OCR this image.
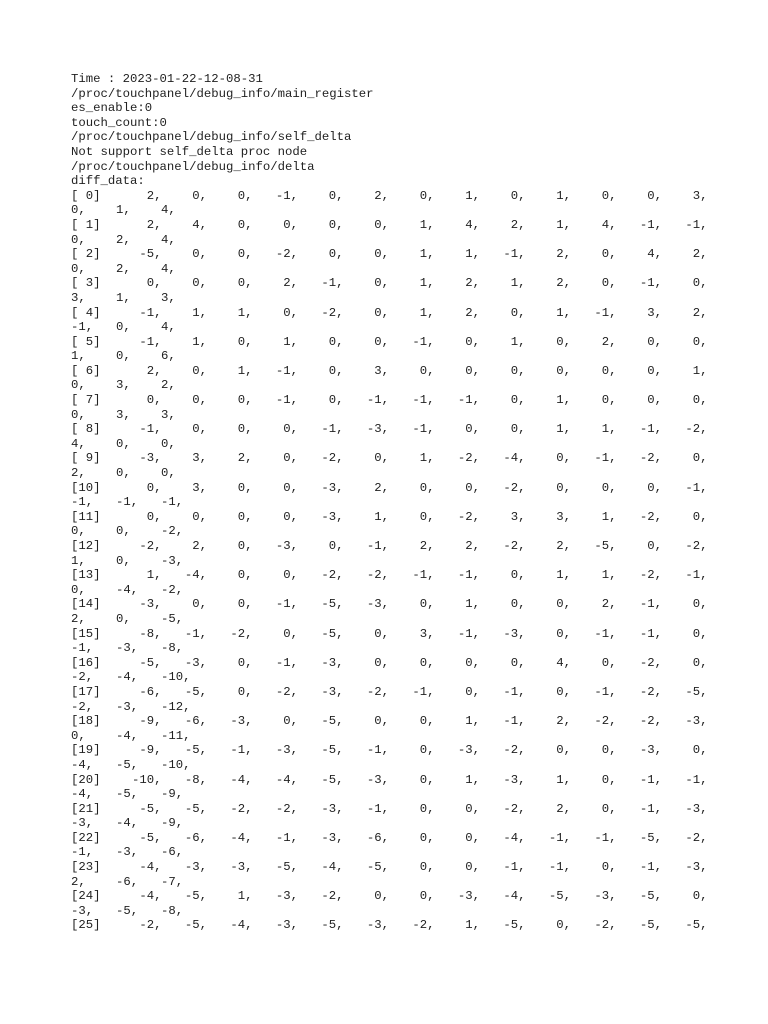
Time : 2023-01-22-12-08-31
/proc/touchpanel/debug_info/main_register
es_enable:0
touch_count:0
/proc/touchpanel/debug_info/self_delta
Not support self_delta proc node
/proc/touchpanel/debug_info/delta
diff_data:
[ 0]	2,	0,	0,	-1,	0,	2,	0,	1,	0,	1,	0,	0,	3,
0,	1,	4,
[ 1]	2,	4,	0,	0,	0,	0,	1,	4,	2,	1,	4,	-1,	-1,
0,	2,	4,
[ 2]	-5,	0,	0,	-2,	0,	0,	1,	1,	-1,	2,	0,	4,	2,
0,	2,	4,
[ 3]	0,	0,	0,	2,	-1,	0,	1,	2,	1,	2,	0,	-1,	0,
3,	1,	3,
[ 4]	-1,	1,	1,	0,	-2,	0,	1,	2,	0,	1,	-1,	3,	2,
-1,	0,	4,
[ 5]	-1,	1,	0,	1,	0,	0,	-1,	0,	1,	0,	2,	0,	0,
1,	0,	6,
[ 6]	2,	0,	1,	-1,	0,	3,	0,	0,	0,	0,	0,	0,	1,
0,	3,	2,
[ 7]	0,	0,	0,	-1,	0,	-1,	-1,	-1,	0,	1,	0,	0,	0,
0,	3,	3,
[ 8]	-1,	0,	0,	0,	-1,	-3,	-1,	0,	0,	1,	1,	-1,	-2,
4,	0,	0,
[ 9]	-3,	3,	2,	0,	-2,	0,	1,	-2,	-4,	0,	-1,	-2,	0,
2,	0,	0,
[10]	0,	3,	0,	0,	-3,	2,	0,	0,	-2,	0,	0,	0,	-1,
-1,	-1,	-1,
[11]	0,	0,	0,	0,	-3,	1,	0,	-2,	3,	3,	1,	-2,	0,
0,	0,	-2,
[12]	-2,	2,	0,	-3,	0,	-1,	2,	2,	-2,	2,	-5,	0,	-2,
1,	0,	-3,
[13]	1,	-4,	0,	0,	-2,	-2,	-1,	-1,	0,	1,	1,	-2,	-1,
0,	-4,	-2,
[14]	-3,	0,	0,	-1,	-5,	-3,	0,	1,	0,	0,	2,	-1,	0,
2,	0,	-5,
[15]	-8,	-1,	-2,	0,	-5,	0,	3,	-1,	-3,	0,	-1,	-1,	0,
-1,	-3,	-8,
[16]	-5,	-3,	0,	-1,	-3,	0,	0,	0,	0,	4,	0,	-2,	0,
-2,	-4,	-10,
[17]	-6,	-5,	0,	-2,	-3,	-2,	-1,	0,	-1,	0,	-1,	-2,	-5,
-2,	-3,	-12,
[18]	-9,	-6,	-3,	0,	-5,	0,	0,	1,	-1,	2,	-2,	-2,	-3,
0,	-4,	-11,
[19]	-9,	-5,	-1,	-3,	-5,	-1,	0,	-3,	-2,	0,	0,	-3,	0,
-4,	-5,	-10,
[20]	-10,	-8,	-4,	-4,	-5,	-3,	0,	1,	-3,	1,	0,	-1,	-1,
-4,	-5,	-9,
[21]	-5,	-5,	-2,	-2,	-3,	-1,	0,	0,	-2,	2,	0,	-1,	-3,
-3,	-4,	-9,
[22]	-5,	-6,	-4,	-1,	-3,	-6,	0,	0,	-4,	-1,	-1,	-5,	-2,
-1,	-3,	-6,
[23]	-4,	-3,	-3,	-5,	-4,	-5,	0,	0,	-1,	-1,	0,	-1,	-3,
2,	-6,	-7,
[24]	-4,	-5,	1,	-3,	-2,	0,	0,	-3,	-4,	-5,	-3,	-5,	0,
-3,	-5,	-8,
[25]	-2,	-5,	-4,	-3,	-5,	-3,	-2,	1,	-5,	0,	-2,	-5,	-5,
